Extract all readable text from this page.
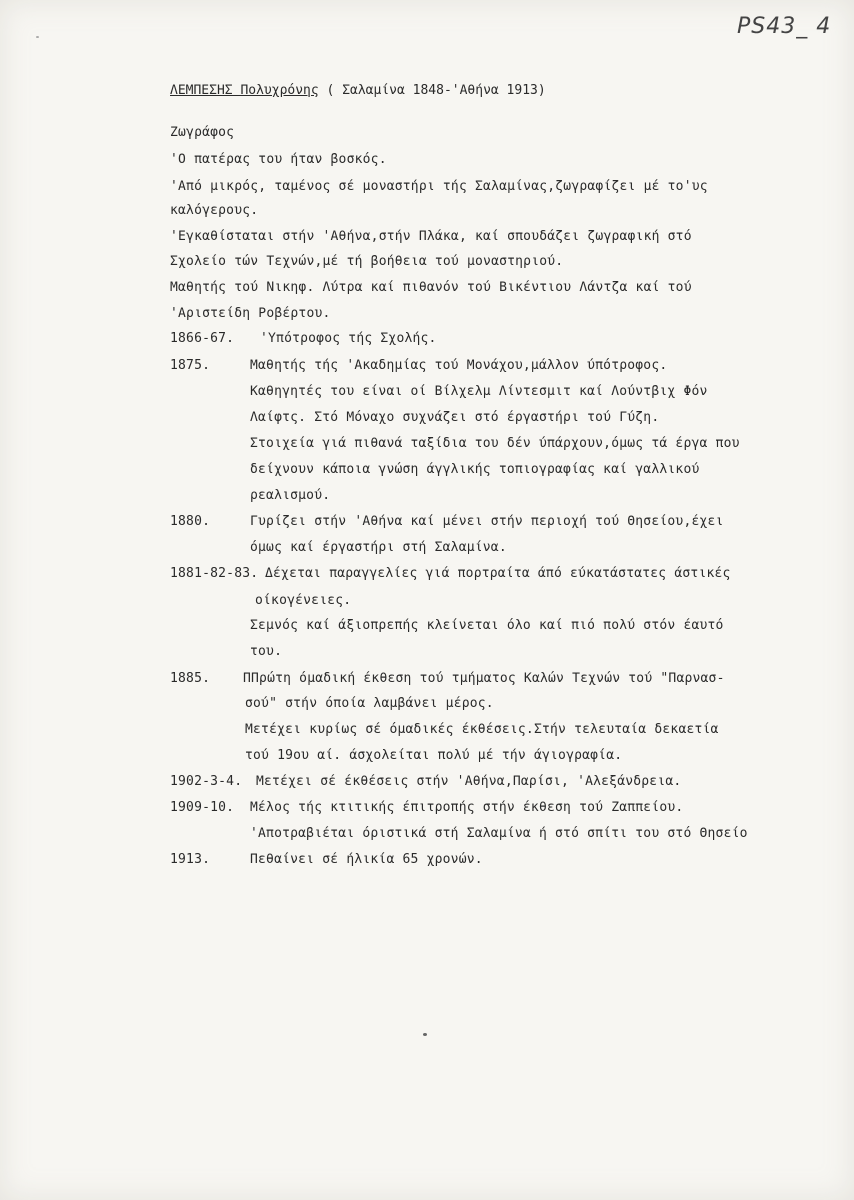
PS43_ 4
ΛΕΜΠΕΣΗΣ Πολυχρόνης ( Σαλαμίνα 1848-'Αθήνα 1913)
Ζωγράφος
'Ο πατέρας του ήταν βοσκός.
'Από μικρός, ταμένος σέ μοναστήρι τής Σαλαμίνας,ζωγραφίζει μέ το'υς
καλόγερους.
'Εγκαθίσταται στήν 'Αθήνα,στήν Πλάκα, καί σπουδάζει ζωγραφική στό
Σχολείο τών Τεχνών,μέ τή βοήθεια τού μοναστηριού.
Μαθητής τού Νικηφ. Λύτρα καί πιθανόν τού Βικέντιου Λάντζα καί τού
'Αριστείδη Ροβέρτου.
1866-67. 'Υπότροφος τής Σχολής.
1875.	Μαθητής τής 'Ακαδημίας τού Μονάχου,μάλλον ύπότροφος.
Καθηγητές του είναι οί Βίλχελμ Λίντεσμιτ καί Λούντβιχ Φόν
Λαίφτς. Στό Μόναχο συχνάζει στό έργαστήρι τού Γύζη.
Στοιχεία γιά πιθανά ταξίδια του δέν ύπάρχουν,όμως τά έργα που
δείχνουν κάποια γνώση άγγλικής τοπιογραφίας καί γαλλικού
ρεαλισμού.
1880.	Γυρίζει στήν 'Αθήνα καί μένει στήν περιοχή τού Θησείου,έχει
όμως καί έργαστήρι στή Σαλαμίνα.
1881-82-83. Δέχεται παραγγελίες γιά πορτραίτα άπό εύκατάστατες άστικές
οίκογένειες.
Σεμνός καί άξιοπρεπής κλείνεται όλο καί πιό πολύ στόν έαυτό
του.
1885.	ΠΠρώτη όμαδική έκθεση τού τμήματος Καλών Τεχνών τού "Παρνασ-
σού" στήν όποία λαμβάνει μέρος.
Μετέχει κυρίως σέ όμαδικές έκθέσεις.Στήν τελευταία δεκαετία
τού 19ου αί. άσχολείται πολύ μέ τήν άγιογραφία.
1902-3-4. Μετέχει σέ έκθέσεις στήν 'Αθήνα,Παρίσι, 'Αλεξάνδρεια.
1909-10. Μέλος τής κτιτικής έπιτροπής στήν έκθεση τού Ζαππείου.
'Αποτραβιέται όριστικά στή Σαλαμίνα ή στό σπίτι του στό Θησείο
1913.	Πεθαίνει σέ ήλικία 65 χρονών.
